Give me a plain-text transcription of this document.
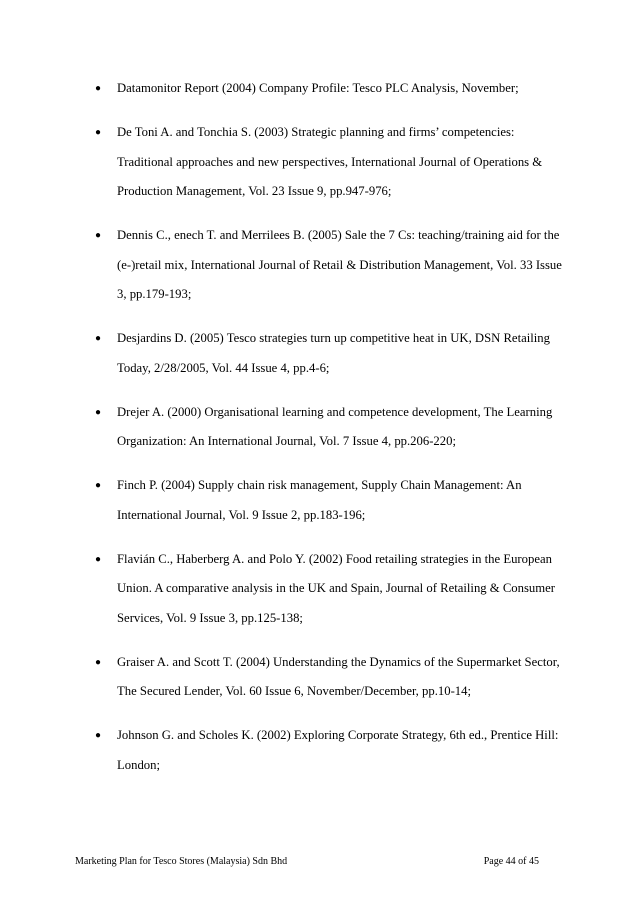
● Datamonitor Report (2004) Company Profile: Tesco PLC Analysis, November;
● De Toni A. and Tonchia S. (2003) Strategic planning and firms’ competencies: Traditional approaches and new perspectives, International Journal of Operations & Production Management, Vol. 23 Issue 9, pp.947-976;
● Dennis C., enech T. and Merrilees B. (2005) Sale the 7 Cs: teaching/training aid for the (e-)retail mix, International Journal of Retail & Distribution Management, Vol. 33 Issue 3, pp.179-193;
● Desjardins D. (2005) Tesco strategies turn up competitive heat in UK, DSN Retailing Today, 2/28/2005, Vol. 44 Issue 4, pp.4-6;
● Drejer A. (2000) Organisational learning and competence development, The Learning Organization: An International Journal, Vol. 7 Issue 4, pp.206-220;
● Finch P. (2004) Supply chain risk management, Supply Chain Management: An International Journal, Vol. 9 Issue 2, pp.183-196;
● Flavián C., Haberberg A. and Polo Y. (2002) Food retailing strategies in the European Union. A comparative analysis in the UK and Spain, Journal of Retailing & Consumer Services, Vol. 9 Issue 3, pp.125-138;
● Graiser A. and Scott T. (2004) Understanding the Dynamics of the Supermarket Sector, The Secured Lender, Vol. 60 Issue 6, November/December, pp.10-14;
● Johnson G. and Scholes K. (2002) Exploring Corporate Strategy, 6th ed., Prentice Hill: London;
Marketing Plan for Tesco Stores (Malaysia) Sdn Bhd	Page 44 of 45
